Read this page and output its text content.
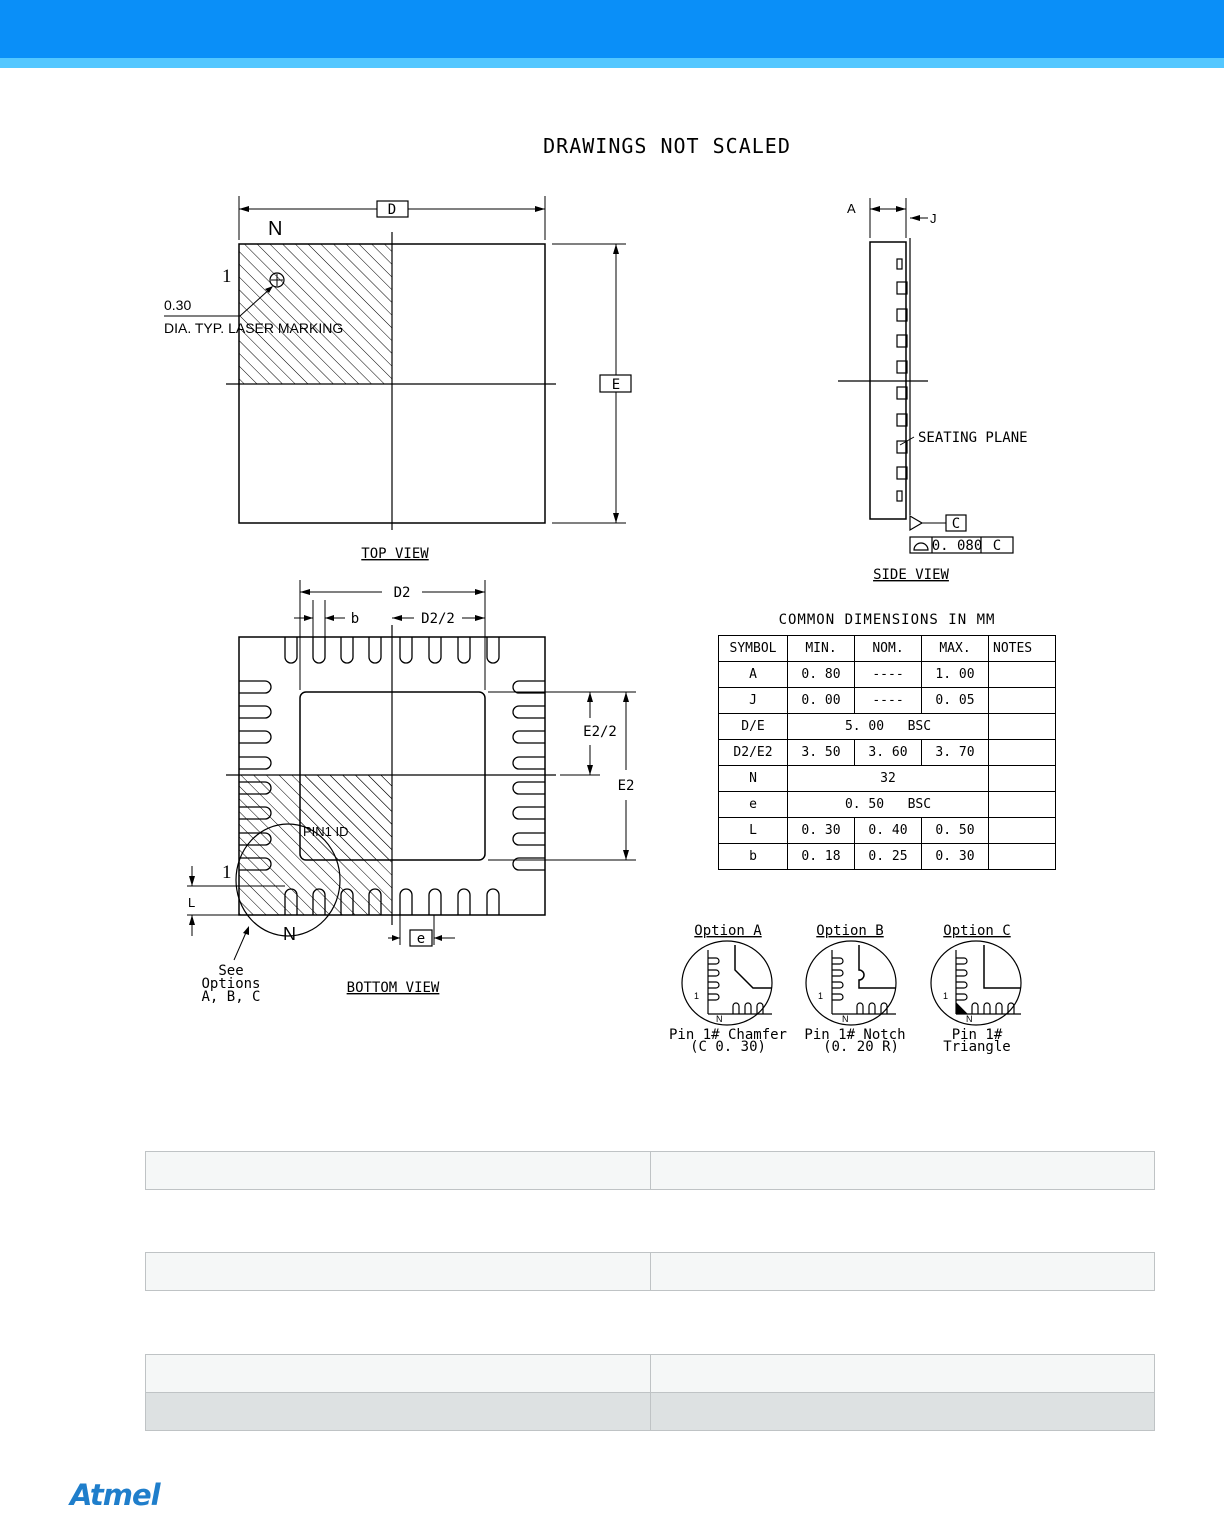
DRAWINGS NOT SCALED
D
E
N
1
0.30
DIA. TYP. LASER MARKING
TOP VIEW
A
J
SEATING PLANE
C
0. 080 C
SIDE VIEW
D2
D2/2
b
E2
E2/2
L
e
PIN1 ID
1
N
See
Options
A, B, C
BOTTOM VIEW
Option A	Option B	Option C
1
N
1
N
1
N
Pin 1# Chamfer
(C 0. 30)
Pin 1# Notch
(0. 20 R)
Pin 1#
Triangle
COMMON DIMENSIONS IN MM
SYMBOL	MIN.	NOM.	MAX.	NOTES
A	0. 80	----	1. 00	
J	0. 00	----	0. 05	
D/E	5. 00   BSC			
D2/E2	3. 50	3. 60	3. 70	
N	32			
e	0. 50   BSC			
L	0. 30	0. 40	0. 50	
b	0. 18	0. 25	0. 30	

Atmel
